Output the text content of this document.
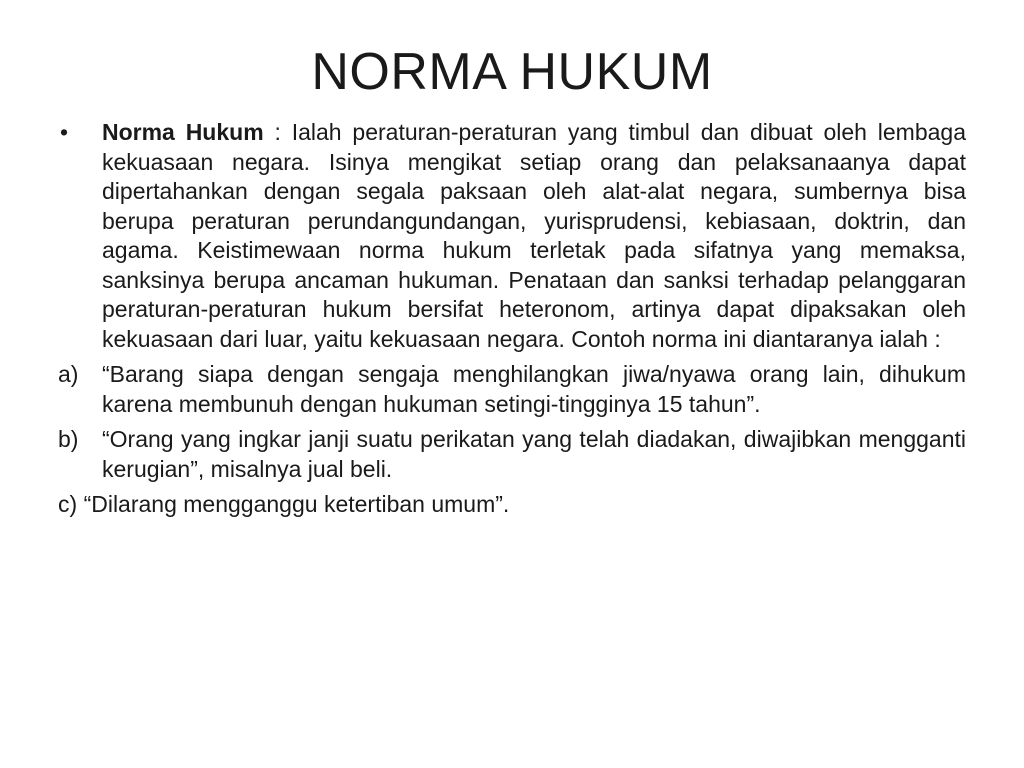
NORMA HUKUM
• Norma Hukum : Ialah peraturan-peraturan yang timbul dan dibuat oleh lembaga kekuasaan negara. Isinya mengikat setiap orang dan pelaksanaanya dapat dipertahankan dengan segala paksaan oleh alat-alat negara, sumbernya bisa berupa peraturan perundangundangan, yurisprudensi, kebiasaan, doktrin, dan agama. Keistimewaan norma hukum terletak pada sifatnya yang memaksa, sanksinya berupa ancaman hukuman. Penataan dan sanksi terhadap pelanggaran peraturan-peraturan hukum bersifat heteronom, artinya dapat dipaksakan oleh kekuasaan dari luar, yaitu kekuasaan negara. Contoh norma ini diantaranya ialah :
a) “Barang siapa dengan sengaja menghilangkan jiwa/nyawa orang lain, dihukum karena membunuh dengan hukuman setingi-tingginya 15 tahun”.
b) “Orang yang ingkar janji suatu perikatan yang telah diadakan, diwajibkan mengganti kerugian”, misalnya jual beli.
c) “Dilarang mengganggu ketertiban umum”.
